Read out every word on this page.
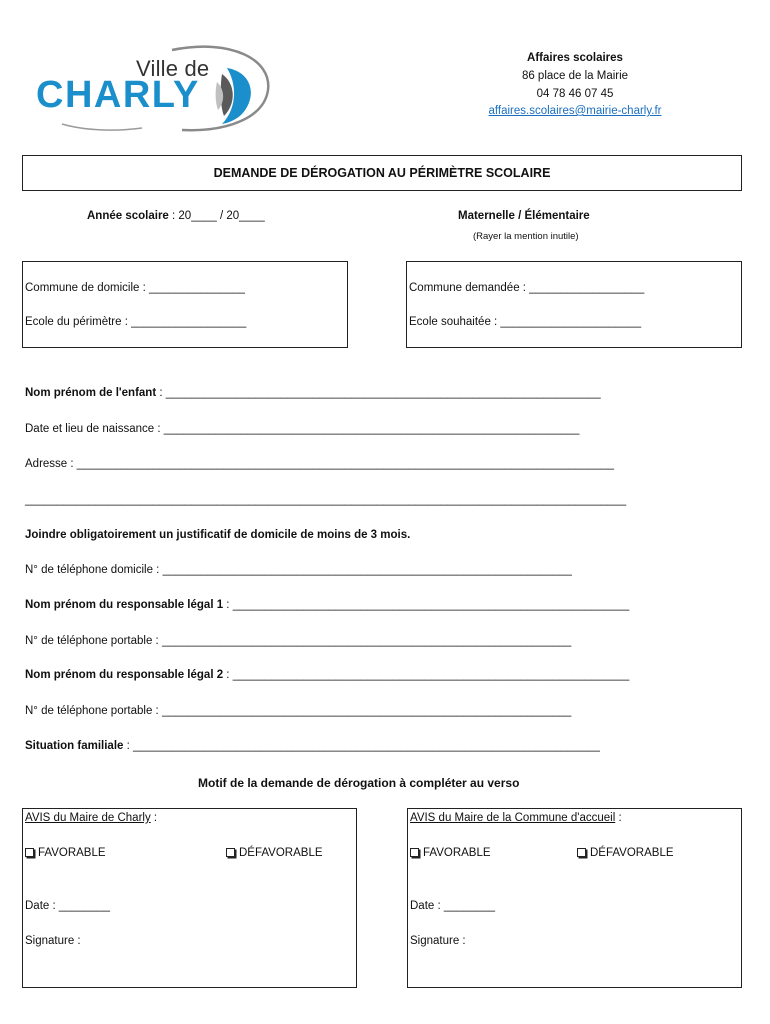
Ville de
CHARLY
Affaires scolaires
86 place de la Mairie
04 78 46 07 45
affaires.scolaires@mairie-charly.fr
DEMANDE DE DÉROGATION AU PÉRIMÈTRE SCOLAIRE
Année scolaire : 20____ / 20____	Maternelle / Élémentaire
(Rayer la mention inutile)
Commune de domicile : _______________
Ecole du périmètre : __________________
Commune demandée : __________________
Ecole souhaitée : ______________________
Nom prénom de l'enfant : ____________________________________________________________________
Date et lieu de naissance : _________________________________________________________________
Adresse : ____________________________________________________________________________________
______________________________________________________________________________________________
Joindre obligatoirement un justificatif de domicile de moins de 3 mois.
N° de téléphone domicile : ________________________________________________________________
Nom prénom du responsable légal 1 : ______________________________________________________________
N° de téléphone portable : ________________________________________________________________
Nom prénom du responsable légal 2 : ______________________________________________________________
N° de téléphone portable : ________________________________________________________________
Situation familiale : _________________________________________________________________________
Motif de la demande de dérogation à compléter au verso
AVIS du Maire de Charly :
FAVORABLE	DÉFAVORABLE
Date : ________
Signature :
AVIS du Maire de la Commune d'accueil :
FAVORABLE	DÉFAVORABLE
Date : ________
Signature :
